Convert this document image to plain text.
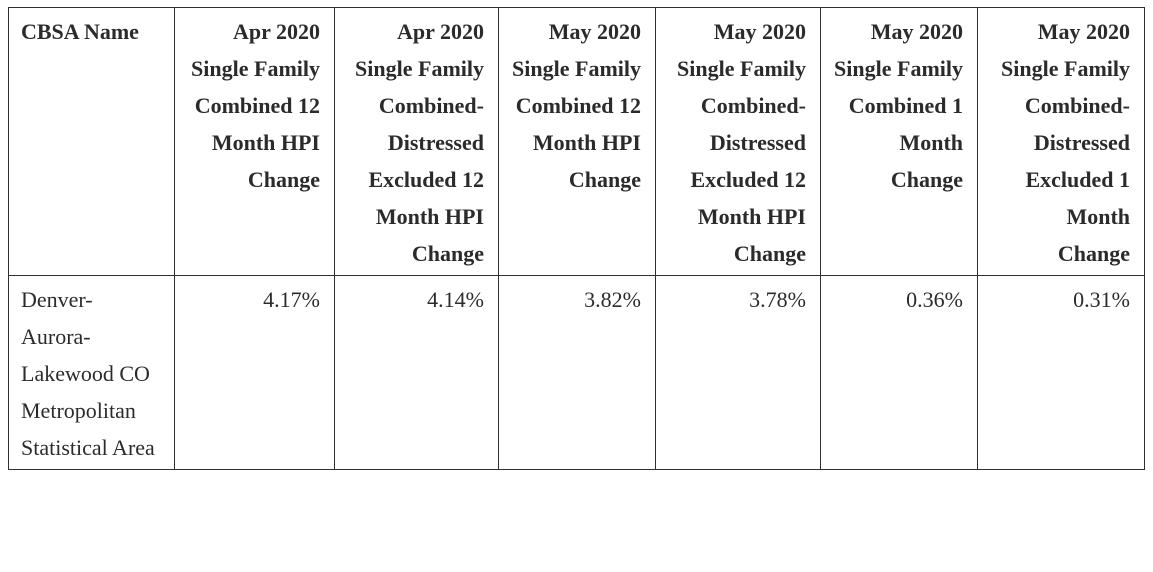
CBSA Name	Apr 2020 Single Family Combined 12 Month HPI Change	Apr 2020 Single Family Combined-Distressed Excluded 12 Month HPI Change	May 2020 Single Family Combined 12 Month HPI Change	May 2020 Single Family Combined-Distressed Excluded 12 Month HPI Change	May 2020 Single Family Combined 1 Month Change	May 2020 Single Family Combined-Distressed Excluded 1 Month Change
Denver-Aurora-Lakewood CO Metropolitan Statistical Area	4.17%	4.14%	3.82%	3.78%	0.36%	0.31%
